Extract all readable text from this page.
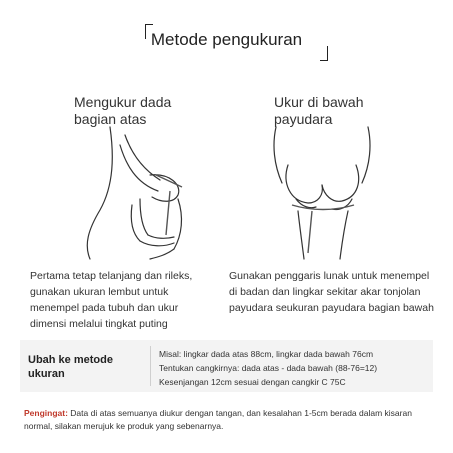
Metode pengukuran
Mengukur dada
bagian atas
Pertama tetap telanjang dan rileks,
gunakan ukuran lembut untuk
menempel pada tubuh dan ukur
dimensi melalui tingkat puting
Ukur di bawah
payudara
Gunakan penggaris lunak untuk menempel
di badan dan lingkar sekitar akar tonjolan
payudara seukuran payudara bagian bawah
Ubah ke metode
ukuran
Misal: lingkar dada atas 88cm, lingkar dada bawah 76cm
Tentukan cangkirnya: dada atas - dada bawah (88-76=12)
Kesenjangan 12cm sesuai dengan cangkir C 75C
Pengingat: Data di atas semuanya diukur dengan tangan, dan kesalahan 1-5cm berada dalam kisaran normal, silakan merujuk ke produk yang sebenarnya.
